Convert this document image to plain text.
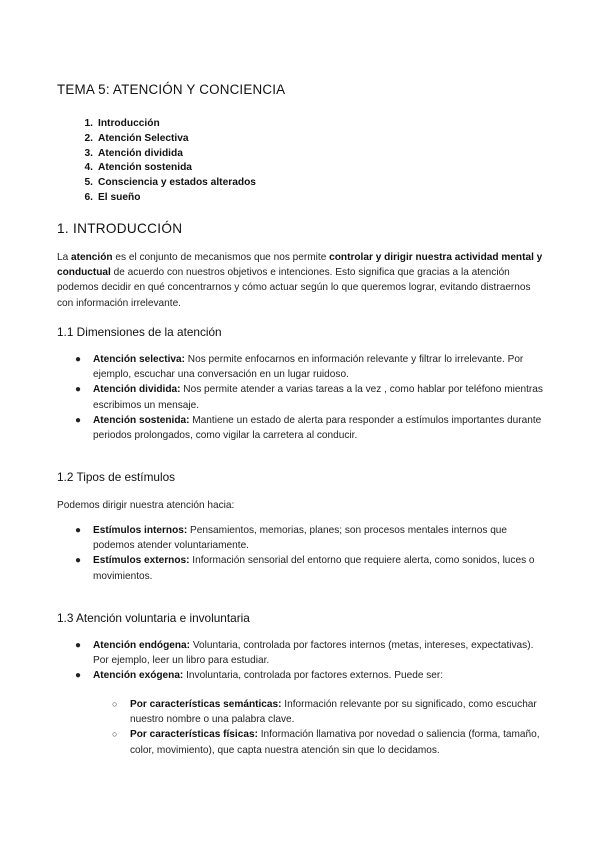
TEMA 5: ATENCIÓN Y CONCIENCIA
1. Introducción
2. Atención Selectiva
3. Atención dividida
4. Atención sostenida
5. Consciencia y estados alterados
6. El sueño
1. INTRODUCCIÓN

La atención es el conjunto de mecanismos que nos permite controlar y dirigir nuestra actividad mental y conductual de acuerdo con nuestros objetivos e intenciones. Esto significa que gracias a la atención podemos decidir en qué concentrarnos y cómo actuar según lo que queremos lograr, evitando distraernos con información irrelevante.

1.1 Dimensiones de la atención
● Atención selectiva: Nos permite enfocarnos en información relevante y filtrar lo irrelevante. Por ejemplo, escuchar una conversación en un lugar ruidoso.
● Atención dividida: Nos permite atender a varias tareas a la vez , como hablar por teléfono mientras escribimos un mensaje.
● Atención sostenida: Mantiene un estado de alerta para responder a estímulos importantes durante periodos prolongados, como vigilar la carretera al conducir.
1.2 Tipos de estímulos

Podemos dirigir nuestra atención hacia:

● Estímulos internos: Pensamientos, memorias, planes; son procesos mentales internos que podemos atender voluntariamente.
● Estímulos externos: Información sensorial del entorno que requiere alerta, como sonidos, luces o movimientos.
1.3 Atención voluntaria e involuntaria
● Atención endógena: Voluntaria, controlada por factores internos (metas, intereses, expectativas). Por ejemplo, leer un libro para estudiar.
● Atención exógena: Involuntaria, controlada por factores externos. Puede ser:
○ Por características semánticas: Información relevante por su significado, como escuchar nuestro nombre o una palabra clave.
○ Por características físicas: Información llamativa por novedad o saliencia (forma, tamaño, color, movimiento), que capta nuestra atención sin que lo decidamos.
